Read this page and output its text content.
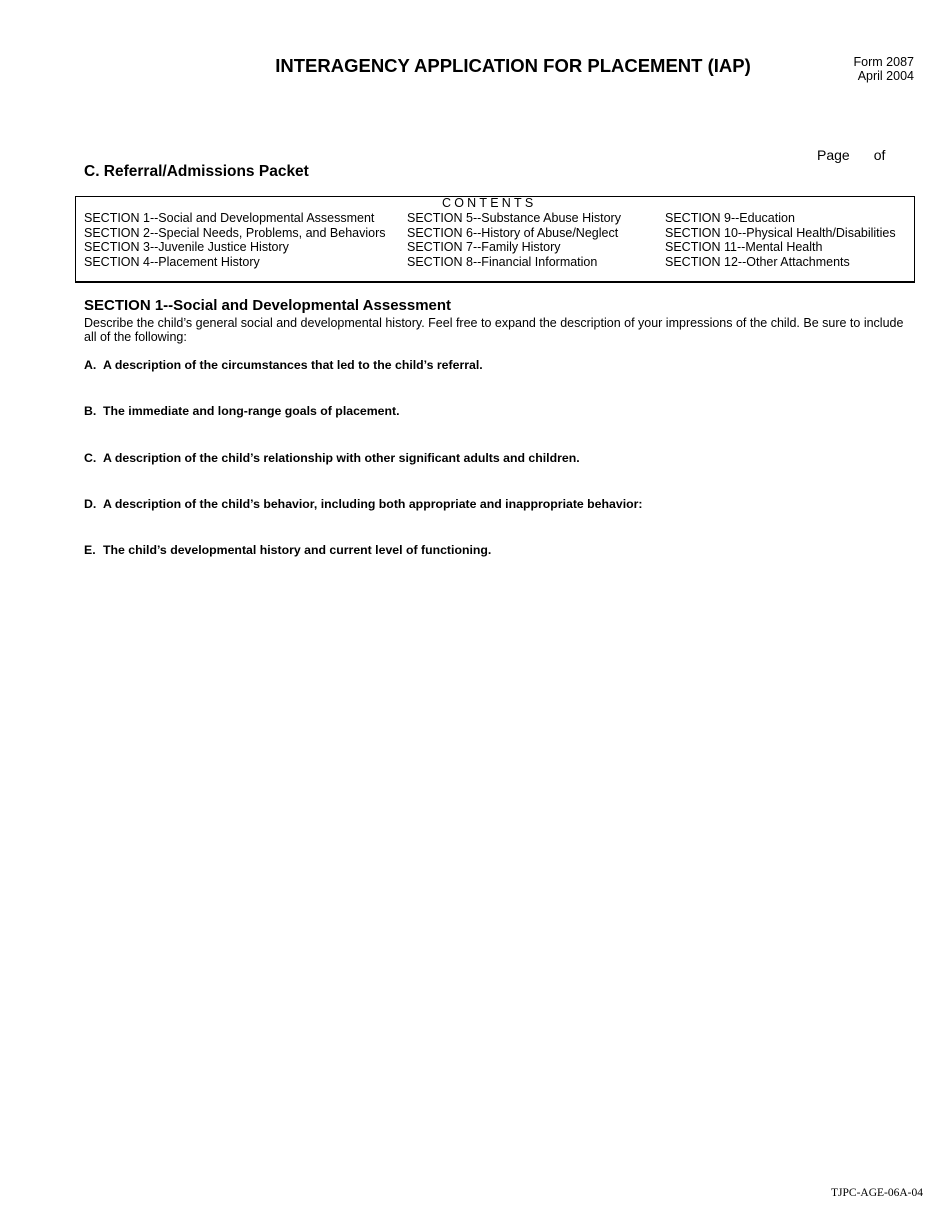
INTERAGENCY APPLICATION FOR PLACEMENT (IAP)	Form 2087
April 2004
Page of
C. Referral/Admissions Packet
CONTENTS
SECTION 1--Social and Developmental Assessment
SECTION 2--Special Needs, Problems, and Behaviors
SECTION 3--Juvenile Justice History
SECTION 4--Placement History
SECTION 5--Substance Abuse History
SECTION 6--History of Abuse/Neglect
SECTION 7--Family History
SECTION 8--Financial Information
SECTION 9--Education
SECTION 10--Physical Health/Disabilities
SECTION 11--Mental Health
SECTION 12--Other Attachments
SECTION 1--Social and Developmental Assessment
Describe the child’s general social and developmental history. Feel free to expand the description of your impressions of the child. Be sure to include all of the following:
A. A description of the circumstances that led to the child’s referral.
B. The immediate and long-range goals of placement.
C. A description of the child’s relationship with other significant adults and children.
D. A description of the child’s behavior, including both appropriate and inappropriate behavior:
E. The child’s developmental history and current level of functioning.
TJPC-AGE-06A-04
